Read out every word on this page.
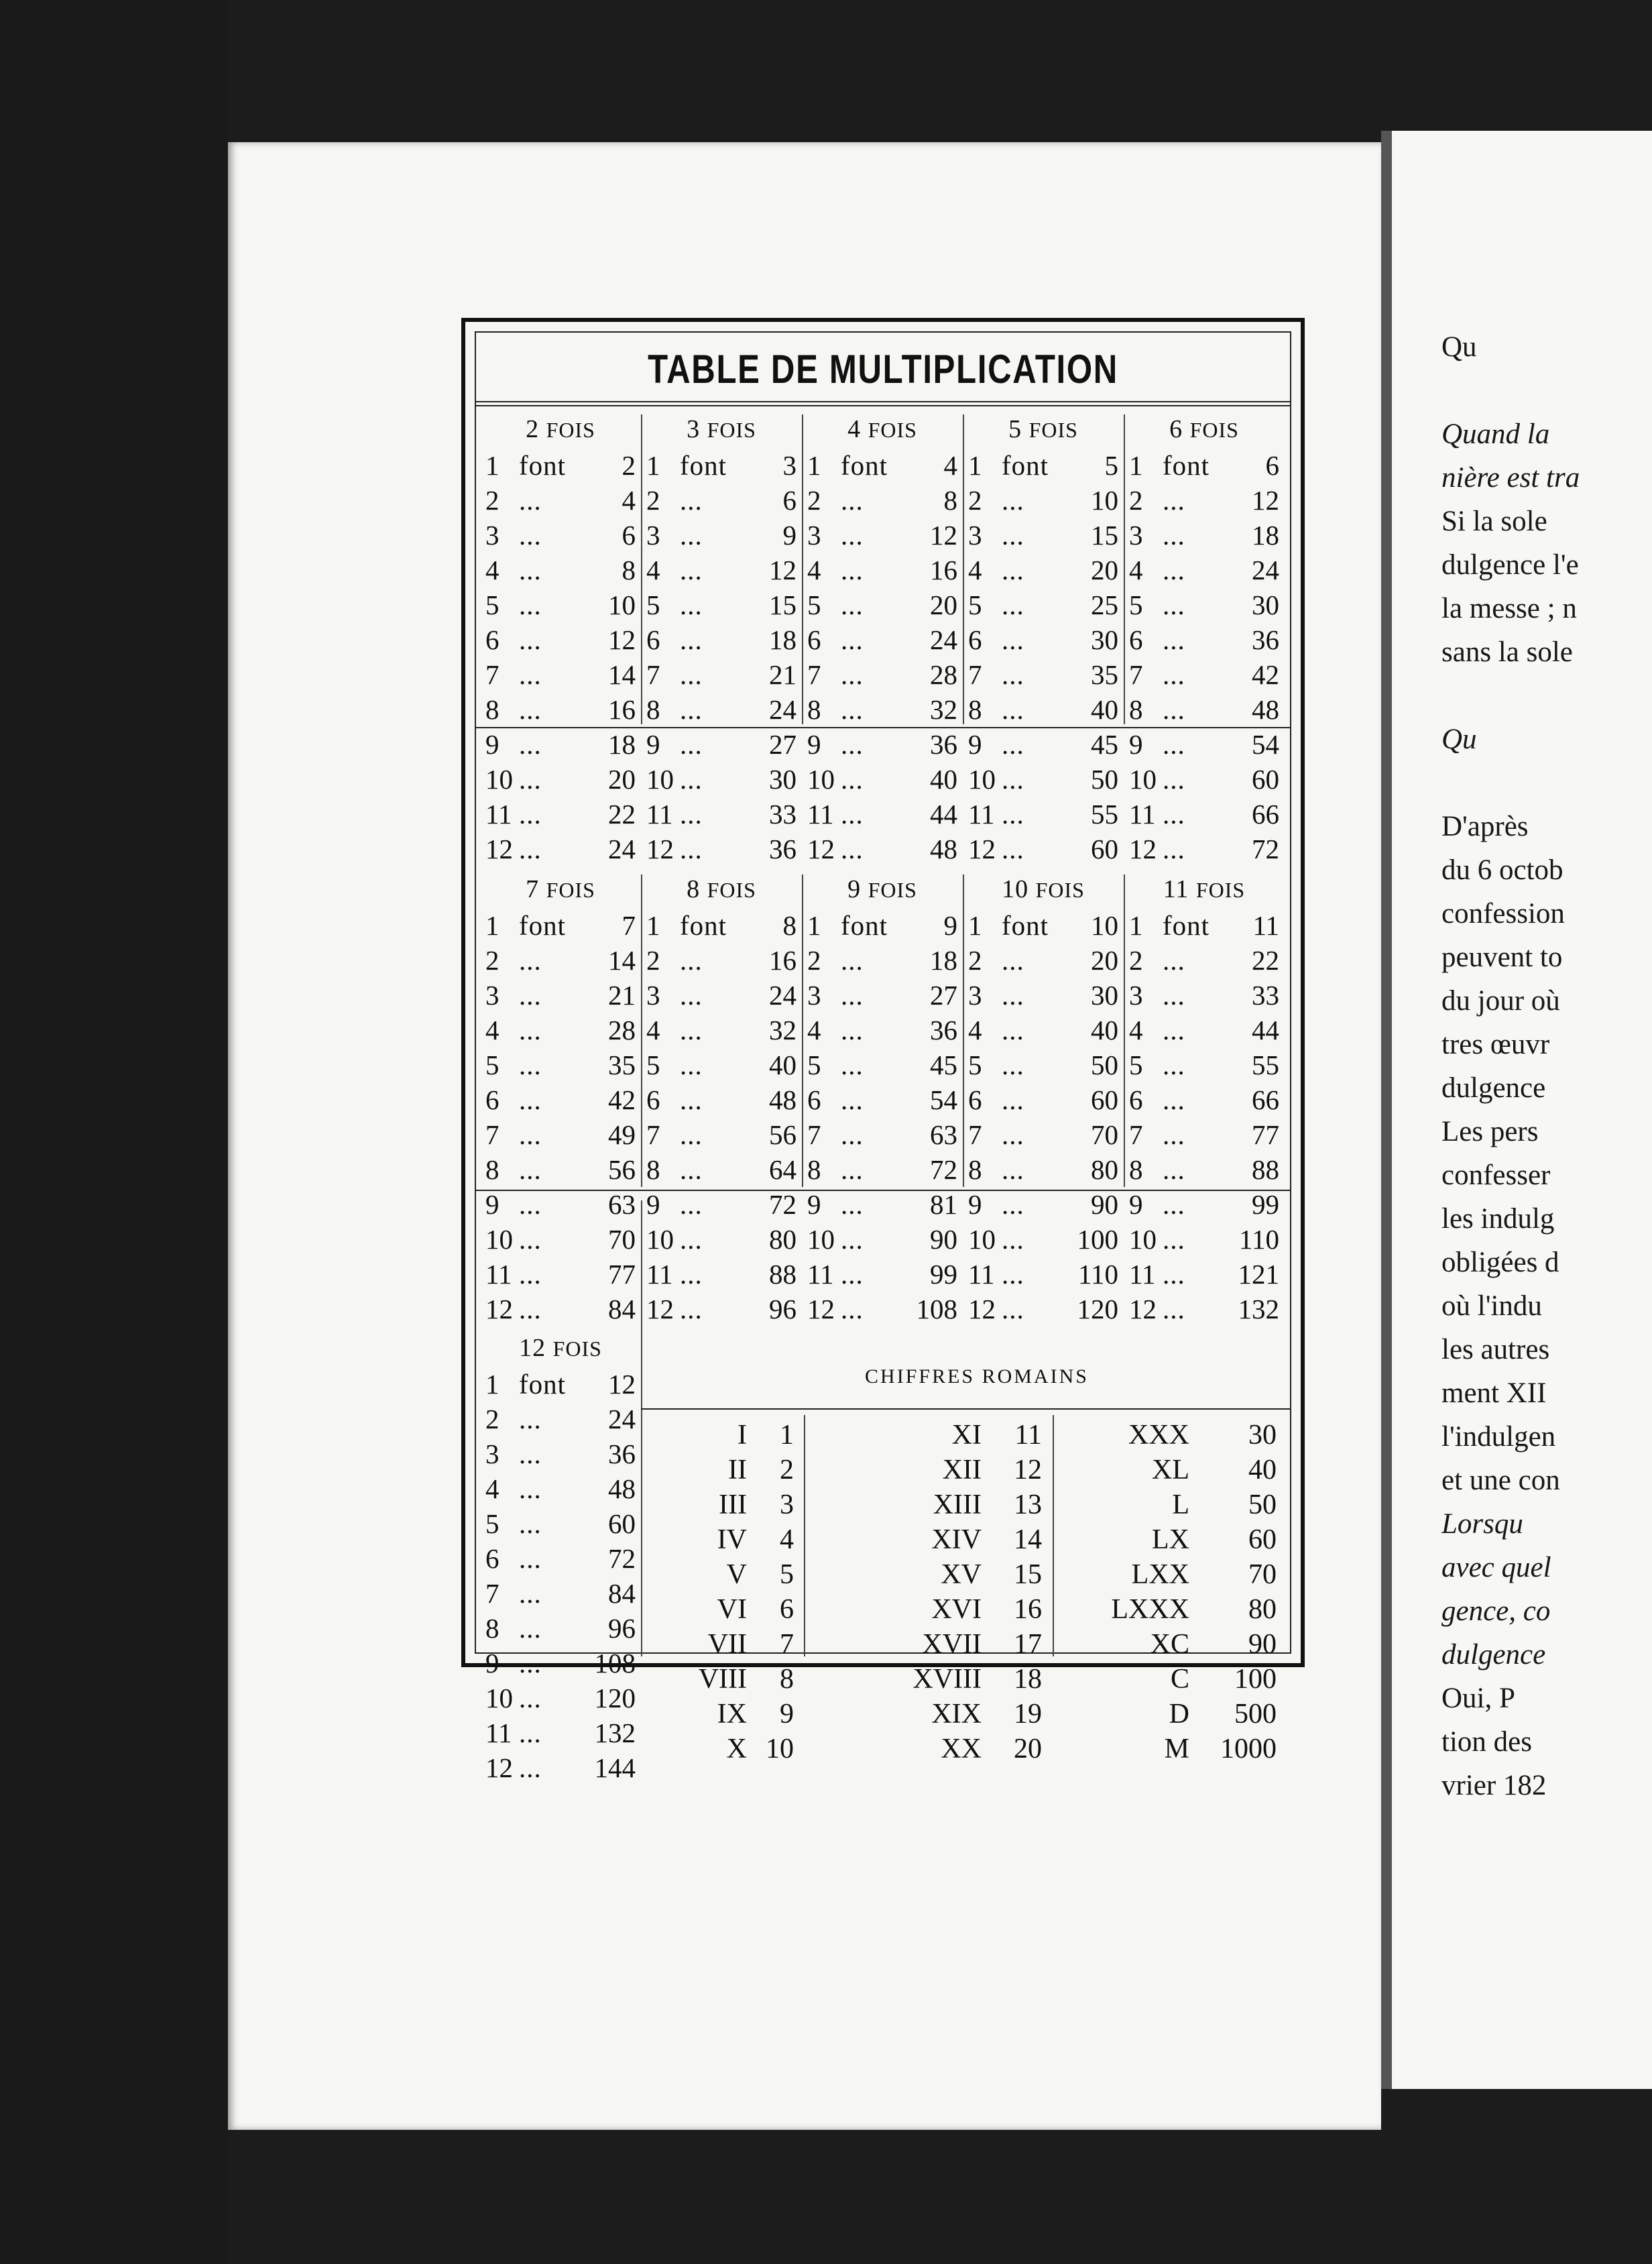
Qu
Quand la
nière est tra
Si la sole
dulgence l'e
la messe ; n
sans la sole
Qu
D'après
du 6 octob
confession
peuvent to
du jour où
tres œuvr
dulgence
Les pers
confesser
les indulg
obligées d
où l'indu
les autres
ment XII
l'indulgen
et une con
Lorsqu
avec quel
gence, co
dulgence
Oui, P
tion des
vrier 182
TABLE DE MULTIPLICATION
2 FOIS
1 font 2
2 ...	4
3 ...	6
4 ...	8
5 ... 10
6 ... 12
7 ... 14
8 ... 16
9 ... 18
10 ... 20
11 ... 22
12 ... 24
3 FOIS
1 font 3
2 ...	6
3 ...	9
4 ... 12
5 ... 15
6 ... 18
7 ... 21
8 ... 24
9 ... 27
10 ... 30
11 ... 33
12 ... 36
4 FOIS
1 font 4
2 ...	8
3 ... 12
4 ... 16
5 ... 20
6 ... 24
7 ... 28
8 ... 32
9 ... 36
10 ... 40
11 ... 44
12 ... 48
5 FOIS
1 font 5
2 ... 10
3 ... 15
4 ... 20
5 ... 25
6 ... 30
7 ... 35
8 ... 40
9 ... 45
10 ... 50
11 ... 55
12 ... 60
6 FOIS
1 font 6
2 ... 12
3 ... 18
4 ... 24
5 ... 30
6 ... 36
7 ... 42
8 ... 48
9 ... 54
10 ... 60
11 ... 66
12 ... 72
7 FOIS
1 font 7
2 ... 14
3 ... 21
4 ... 28
5 ... 35
6 ... 42
7 ... 49
8 ... 56
9 ... 63
10 ... 70
11 ... 77
12 ... 84
8 FOIS
1 font 8
2 ... 16
3 ... 24
4 ... 32
5 ... 40
6 ... 48
7 ... 56
8 ... 64
9 ... 72
10 ... 80
11 ... 88
12 ... 96
9 FOIS
1 font 9
2 ... 18
3 ... 27
4 ... 36
5 ... 45
6 ... 54
7 ... 63
8 ... 72
9 ... 81
10 ... 90
11 ... 99
12 ... 108
10 FOIS
1 font 10
2 ... 20
3 ... 30
4 ... 40
5 ... 50
6 ... 60
7 ... 70
8 ... 80
9 ... 90
10 ... 100
11 ... 110
12 ... 120
11 FOIS
1 font 11
2 ... 22
3 ... 33
4 ... 44
5 ... 55
6 ... 66
7 ... 77
8 ... 88
9 ... 99
10 ... 110
11 ... 121
12 ... 132
12 FOIS
1 font 12
2 ... 24
3 ... 36
4 ... 48
5 ... 60
6 ... 72
7 ... 84
8 ... 96
9 ... 108
10 ... 120
11 ... 132
12 ... 144
CHIFFRES ROMAINS
I	1
II	2
III	3
IV	4
V	5
VI	6
VII	7
VIII	8
IX	9
X 10
XI	11
XII	12
XIII	13
XIV	14
XV	15
XVI	16
XVII	17
XVIII	18
XIX	19
XX	20
XXX	30
XL	40
L	50
LX	60
LXX	70
LXXX	80
XC	90
C	100
D	500
M	1000
